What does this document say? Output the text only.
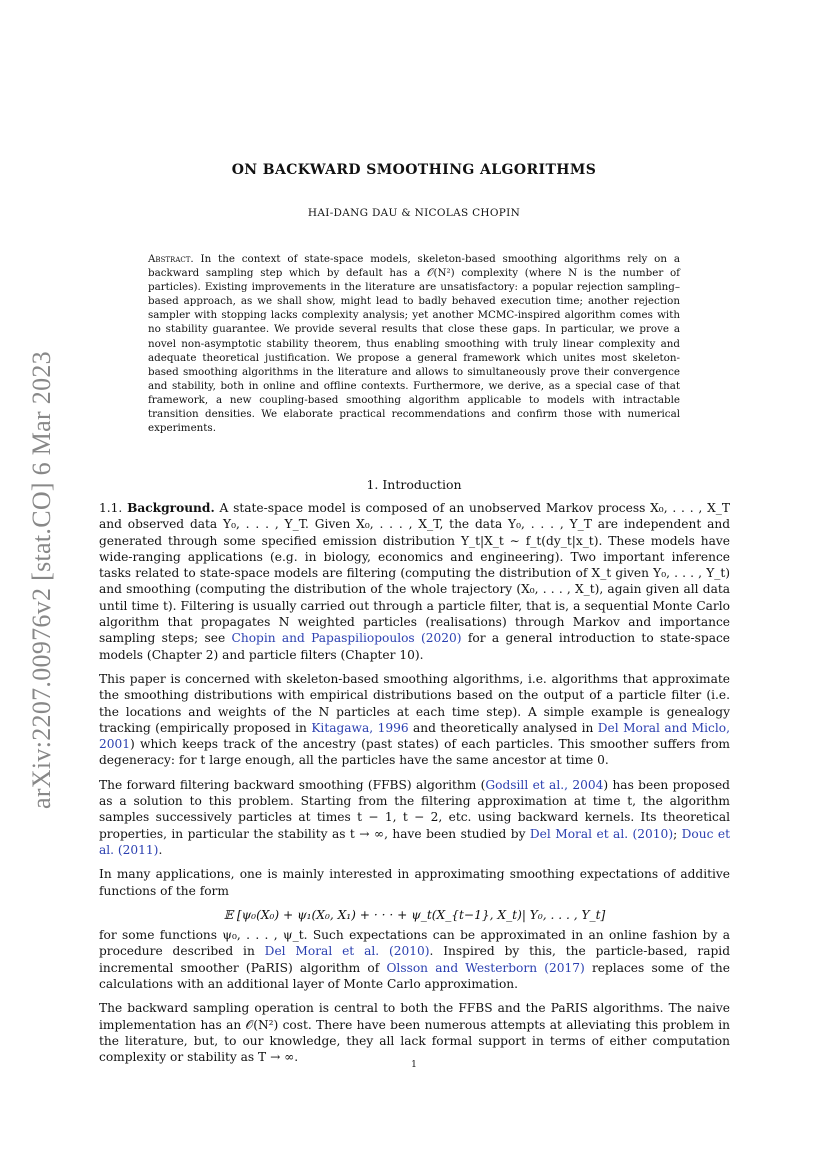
arXiv:2207.00976v2 [stat.CO] 6 Mar 2023
ON BACKWARD SMOOTHING ALGORITHMS
HAI-DANG DAU & NICOLAS CHOPIN
Abstract. In the context of state-space models, skeleton-based smoothing algorithms rely on a backward sampling step which by default has a 𝒪(N²) complexity (where N is the number of particles). Existing improvements in the literature are unsatisfactory: a popular rejection sampling– based approach, as we shall show, might lead to badly behaved execution time; another rejection sampler with stopping lacks complexity analysis; yet another MCMC-inspired algorithm comes with no stability guarantee. We provide several results that close these gaps. In particular, we prove a novel non-asymptotic stability theorem, thus enabling smoothing with truly linear complexity and adequate theoretical justification. We propose a general framework which unites most skeleton-based smoothing algorithms in the literature and allows to simultaneously prove their convergence and stability, both in online and offline contexts. Furthermore, we derive, as a special case of that framework, a new coupling-based smoothing algorithm applicable to models with intractable transition densities. We elaborate practical recommendations and confirm those with numerical experiments.
1. Introduction

1.1. Background. A state-space model is composed of an unobserved Markov process X₀, . . . , X_T and observed data Y₀, . . . , Y_T. Given X₀, . . . , X_T, the data Y₀, . . . , Y_T are independent and generated through some specified emission distribution Y_t|X_t ∼ f_t(dy_t|x_t). These models have wide-ranging applications (e.g. in biology, economics and engineering). Two important inference tasks related to state-space models are filtering (computing the distribution of X_t given Y₀, . . . , Y_t) and smoothing (computing the distribution of the whole trajectory (X₀, . . . , X_t), again given all data until time t). Filtering is usually carried out through a particle filter, that is, a sequential Monte Carlo algorithm that propagates N weighted particles (realisations) through Markov and importance sampling steps; see Chopin and Papaspiliopoulos (2020) for a general introduction to state-space models (Chapter 2) and particle filters (Chapter 10).

This paper is concerned with skeleton-based smoothing algorithms, i.e. algorithms that approximate the smoothing distributions with empirical distributions based on the output of a particle filter (i.e. the locations and weights of the N particles at each time step). A simple example is genealogy tracking (empirically proposed in Kitagawa, 1996 and theoretically analysed in Del Moral and Miclo, 2001) which keeps track of the ancestry (past states) of each particles. This smoother suffers from degeneracy: for t large enough, all the particles have the same ancestor at time 0.

The forward filtering backward smoothing (FFBS) algorithm (Godsill et al., 2004) has been proposed as a solution to this problem. Starting from the filtering approximation at time t, the algorithm samples successively particles at times t − 1, t − 2, etc. using backward kernels. Its theoretical properties, in particular the stability as t → ∞, have been studied by Del Moral et al. (2010); Douc et al. (2011).

In many applications, one is mainly interested in approximating smoothing expectations of additive functions of the form

𝔼 [ψ₀(X₀) + ψ₁(X₀, X₁) + · · · + ψ_t(X_{t−1}, X_t)| Y₀, . . . , Y_t]

for some functions ψ₀, . . . , ψ_t. Such expectations can be approximated in an online fashion by a procedure described in Del Moral et al. (2010). Inspired by this, the particle-based, rapid incremental smoother (PaRIS) algorithm of Olsson and Westerborn (2017) replaces some of the calculations with an additional layer of Monte Carlo approximation.

The backward sampling operation is central to both the FFBS and the PaRIS algorithms. The naive implementation has an 𝒪(N²) cost. There have been numerous attempts at alleviating this problem in the literature, but, to our knowledge, they all lack formal support in terms of either computation complexity or stability as T → ∞.

1
